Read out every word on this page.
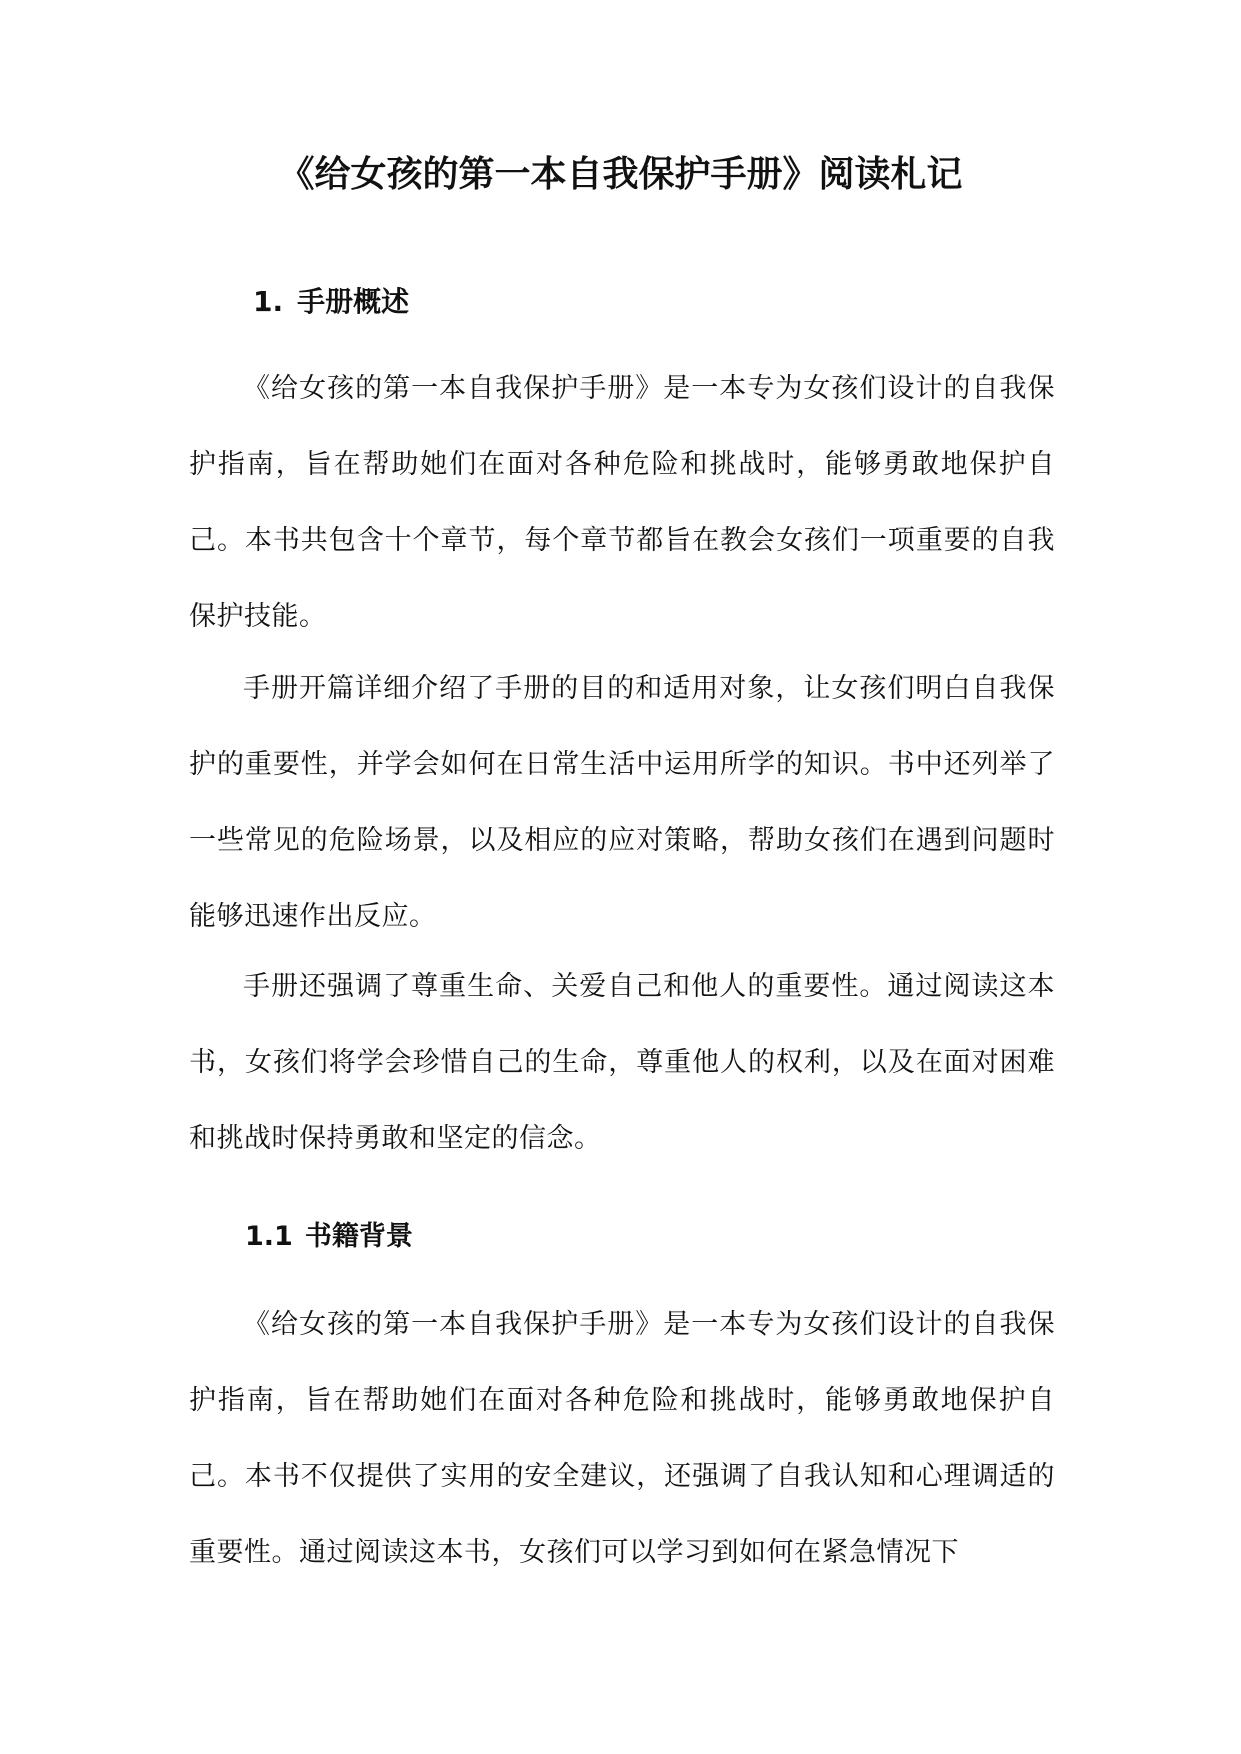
《给女孩的第一本自我保护手册》阅读札记
1. 手册概述

《给女孩的第一本自我保护手册》是一本专为女孩们设计的自我保护指南，旨在帮助她们在面对各种危险和挑战时，能够勇敢地保护自己。本书共包含十个章节，每个章节都旨在教会女孩们一项重要的自我保护技能。

手册开篇详细介绍了手册的目的和适用对象，让女孩们明白自我保护的重要性，并学会如何在日常生活中运用所学的知识。书中还列举了一些常见的危险场景，以及相应的应对策略，帮助女孩们在遇到问题时能够迅速作出反应。

手册还强调了尊重生命、关爱自己和他人的重要性。通过阅读这本书，女孩们将学会珍惜自己的生命，尊重他人的权利，以及在面对困难和挑战时保持勇敢和坚定的信念。

1.1 书籍背景

《给女孩的第一本自我保护手册》是一本专为女孩们设计的自我保护指南，旨在帮助她们在面对各种危险和挑战时，能够勇敢地保护自己。本书不仅提供了实用的安全建议，还强调了自我认知和心理调适的重要性。通过阅读这本书，女孩们可以学习到如何在紧急情况下
